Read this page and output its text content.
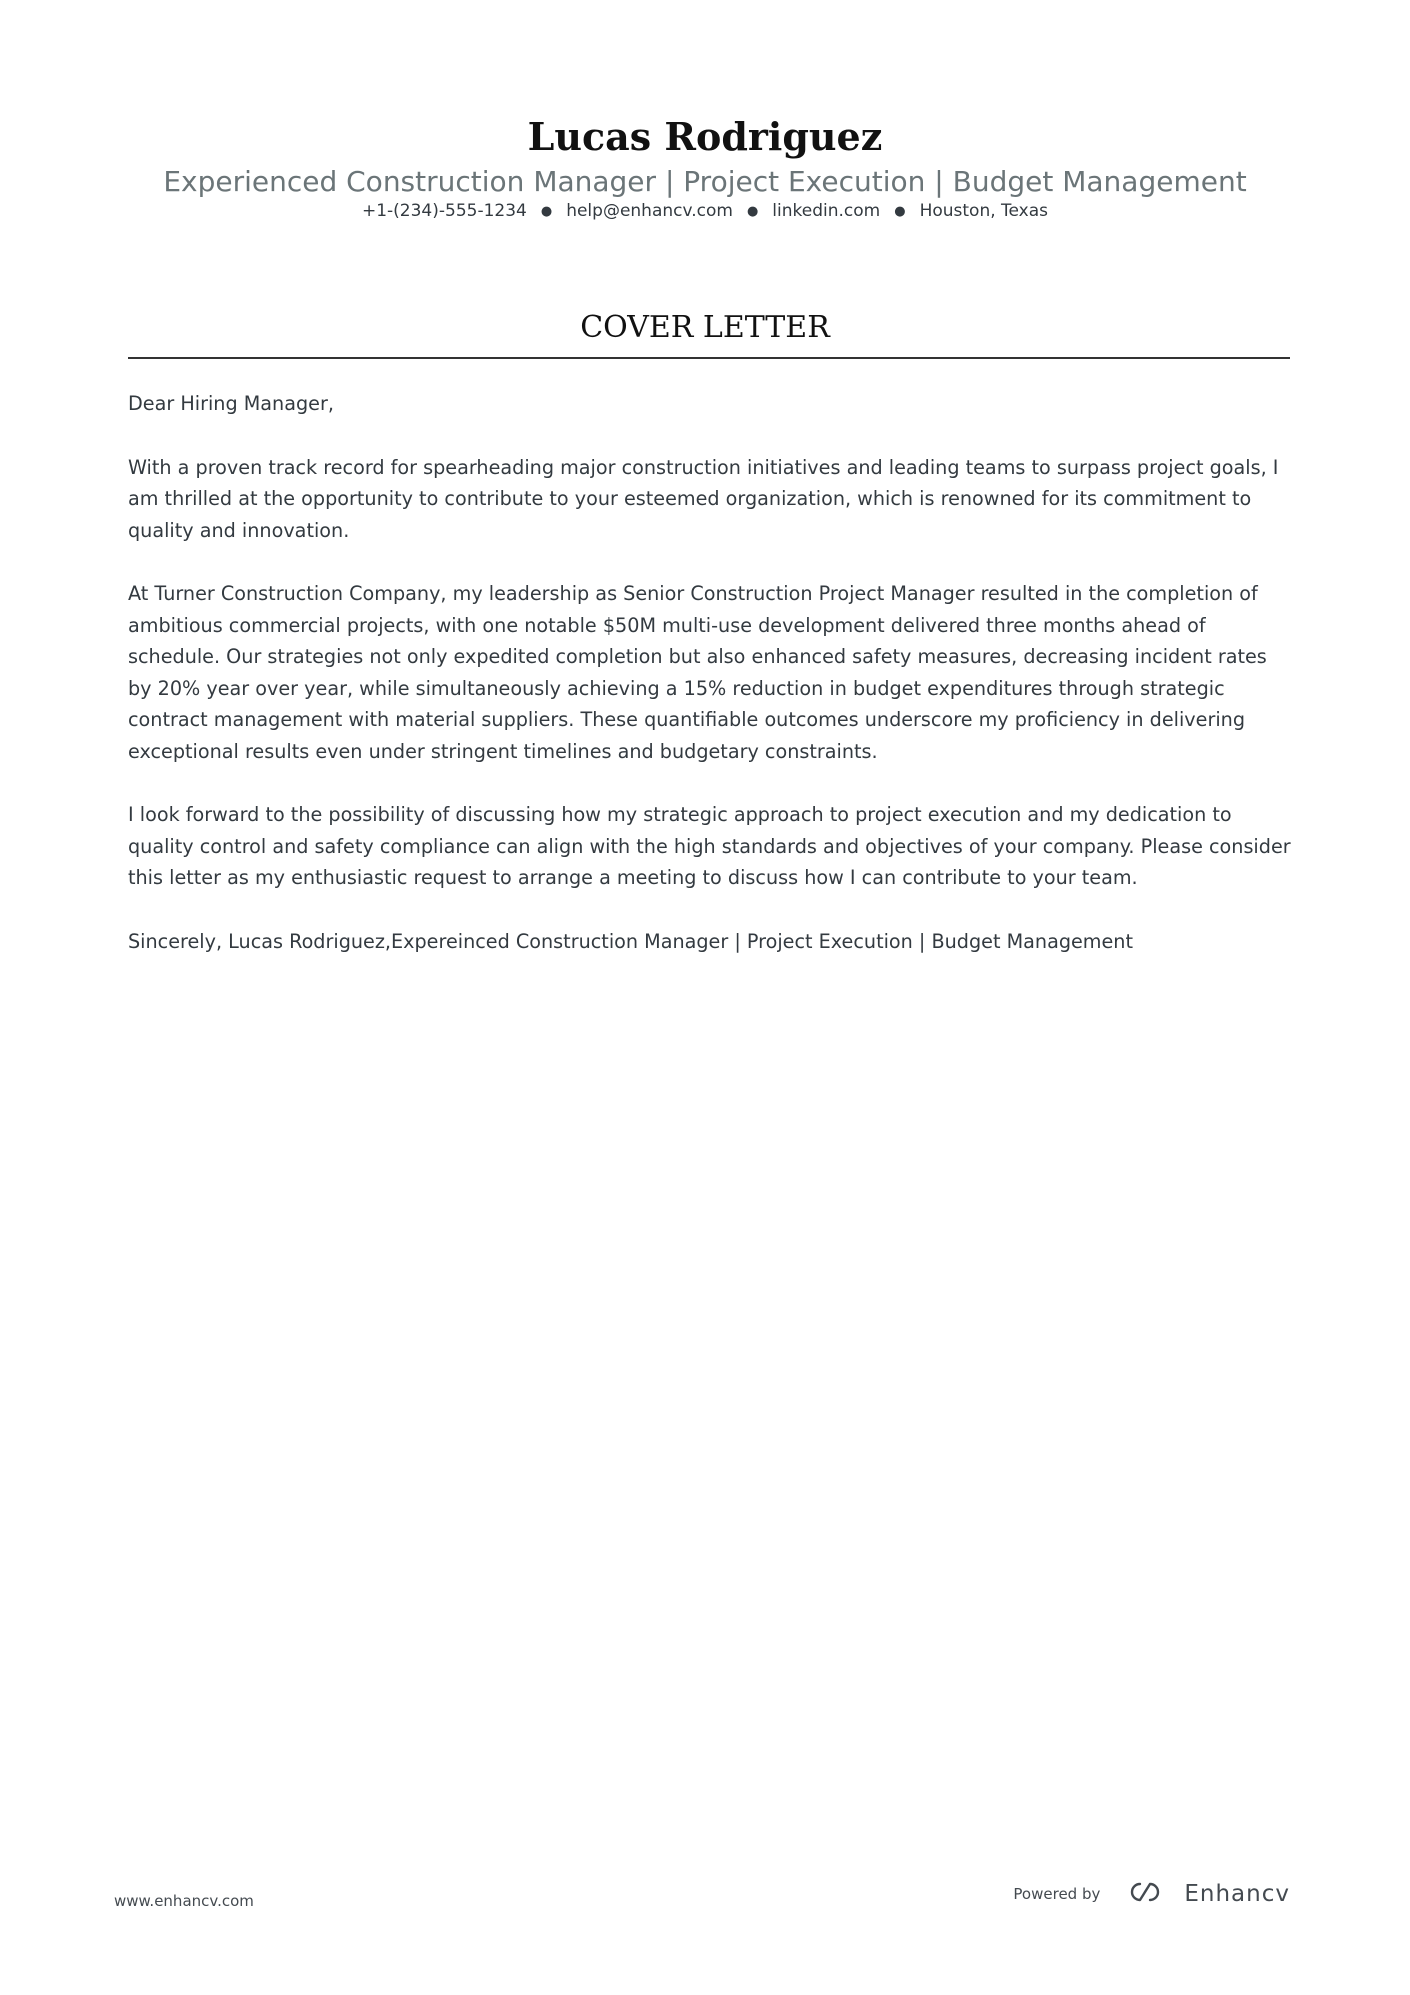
Lucas Rodriguez
Experienced Construction Manager | Project Execution | Budget Management
+1-(234)-555-1234 ● help@enhancv.com ● linkedin.com ● Houston, Texas
COVER LETTER

Dear Hiring Manager,

With a proven track record for spearheading major construction initiatives and leading teams to surpass project goals, I am thrilled at the opportunity to contribute to your esteemed organization, which is renowned for its commitment to quality and innovation.

At Turner Construction Company, my leadership as Senior Construction Project Manager resulted in the completion of ambitious commercial projects, with one notable $50M multi-use development delivered three months ahead of schedule. Our strategies not only expedited completion but also enhanced safety measures, decreasing incident rates by 20% year over year, while simultaneously achieving a 15% reduction in budget expenditures through strategic contract management with material suppliers. These quantifiable outcomes underscore my proficiency in delivering exceptional results even under stringent timelines and budgetary constraints.

I look forward to the possibility of discussing how my strategic approach to project execution and my dedication to quality control and safety compliance can align with the high standards and objectives of your company. Please consider this letter as my enthusiastic request to arrange a meeting to discuss how I can contribute to your team.

Sincerely, Lucas Rodriguez,Expereinced Construction Manager | Project Execution | Budget Management

www.enhancv.com	Powered by	Enhancv
